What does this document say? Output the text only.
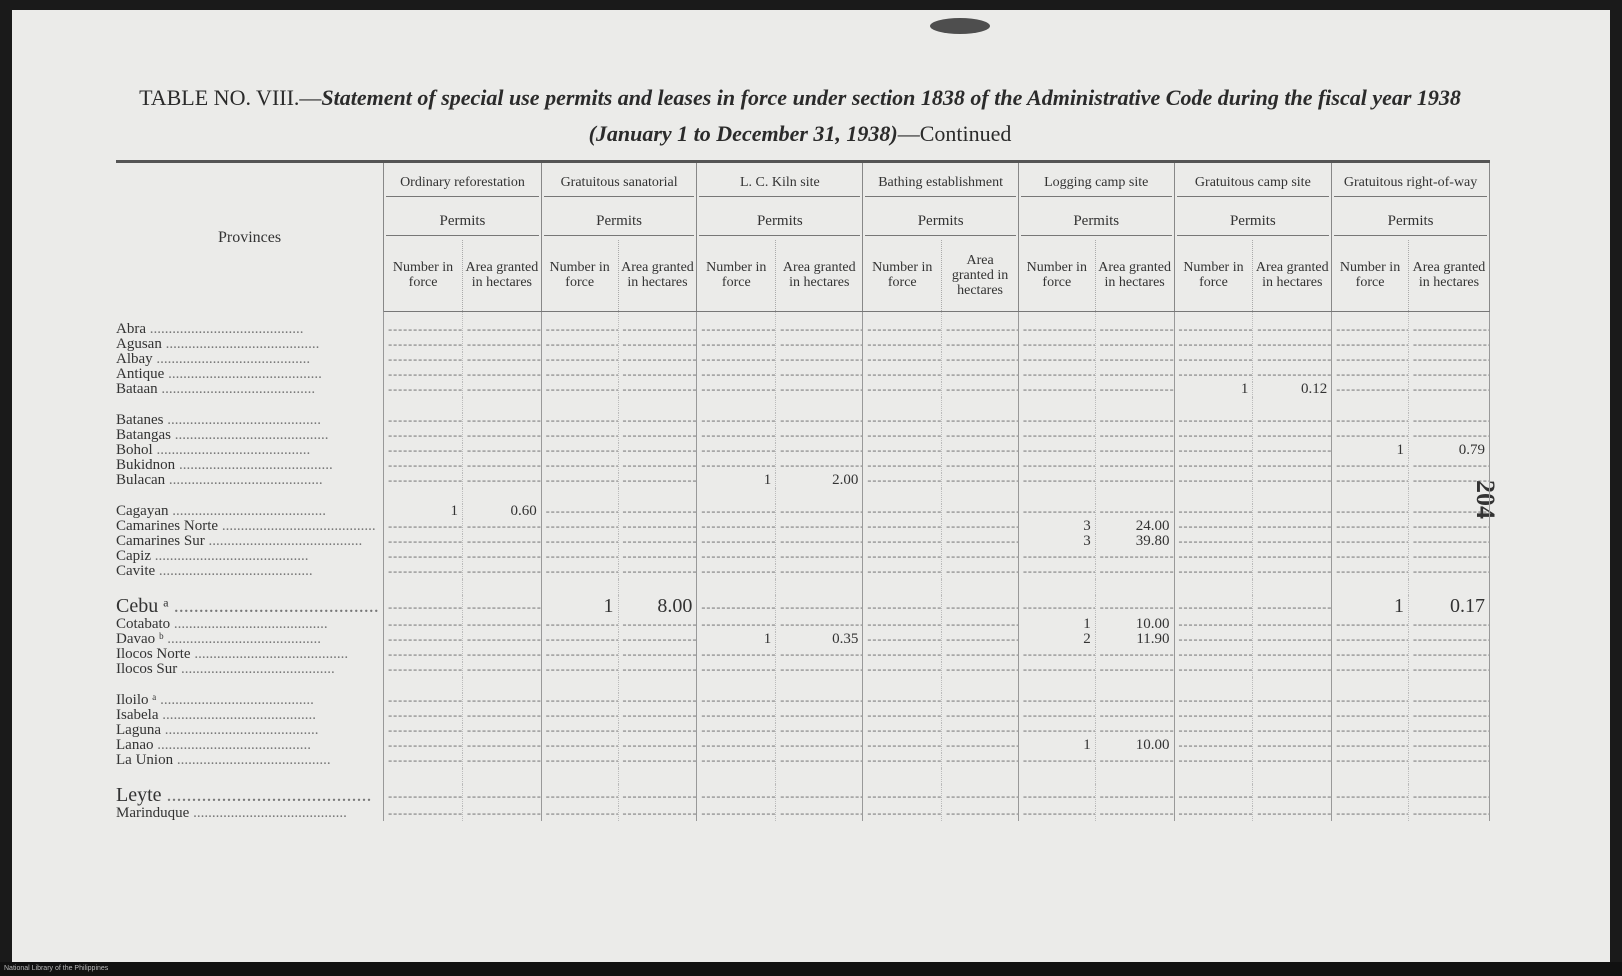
TABLE NO. VIII.—Statement of special use permits and leases in force under section 1838 of the Administrative Code during the fiscal year 1938 (January 1 to December 31, 1938)—Continued
204
Provinces	Ordinary reforestation		Gratuitous sanatorial		L. C. Kiln site		Bathing establishment		Logging camp site		Gratuitous camp site		Gratuitous right-of-way	

	Permits		Permits		Permits		Permits		Permits		Permits		Permits	

	Number in force	Area granted in hectares	Number in force	Area granted in hectares	Number in force	Area granted in hectares	Number in force	Area granted in hectares	Number in force	Area granted in hectares	Number in force	Area granted in hectares	Number in force	Area granted in hectares
Abra .....	-----	-----	-----	-----	-----	-----	-----	-----	-----	-----	-----	-----	-----	-----
Agusan .....	-----	-----	-----	-----	-----	-----	-----	-----	-----	-----	-----	-----	-----	-----
Albay .....	-----	-----	-----	-----	-----	-----	-----	-----	-----	-----	-----	-----	-----	-----
Antique .....	-----	-----	-----	-----	-----	-----	-----	-----	-----	-----	-----	-----	-----	-----
Bataan .....	-----	-----	-----	-----	-----	-----	-----	-----	-----	-----	1	0.12	-----	-----

Batanes .....	-----	-----	-----	-----	-----	-----	-----	-----	-----	-----	-----	-----	-----	-----
Batangas .....	-----	-----	-----	-----	-----	-----	-----	-----	-----	-----	-----	-----	-----	-----
Bohol .....	-----	-----	-----	-----	-----	-----	-----	-----	-----	-----	-----	-----	1	0.79
Bukidnon .....	-----	-----	-----	-----	-----	-----	-----	-----	-----	-----	-----	-----	-----	-----
Bulacan .....	-----	-----	-----	-----	1	2.00	-----	-----	-----	-----	-----	-----	-----	-----

Cagayan .....	1	0.60	-----	-----	-----	-----	-----	-----	-----	-----	-----	-----	-----	-----
Camarines Norte .....	-----	-----	-----	-----	-----	-----	-----	-----	3	24.00	-----	-----	-----	-----
Camarines Sur .....	-----	-----	-----	-----	-----	-----	-----	-----	3	39.80	-----	-----	-----	-----
Capiz .....	-----	-----	-----	-----	-----	-----	-----	-----	-----	-----	-----	-----	-----	-----
Cavite .....	-----	-----	-----	-----	-----	-----	-----	-----	-----	-----	-----	-----	-----	-----

Cebu ᵃ .....	-----	-----	1	8.00	-----	-----	-----	-----	-----	-----	-----	-----	1	0.17
Cotabato .....	-----	-----	-----	-----	-----	-----	-----	-----	1	10.00	-----	-----	-----	-----
Davao ᵇ .....	-----	-----	-----	-----	1	0.35	-----	-----	2	11.90	-----	-----	-----	-----
Ilocos Norte .....	-----	-----	-----	-----	-----	-----	-----	-----	-----	-----	-----	-----	-----	-----
Ilocos Sur .....	-----	-----	-----	-----	-----	-----	-----	-----	-----	-----	-----	-----	-----	-----

Iloilo ᵃ .....	-----	-----	-----	-----	-----	-----	-----	-----	-----	-----	-----	-----	-----	-----
Isabela .....	-----	-----	-----	-----	-----	-----	-----	-----	-----	-----	-----	-----	-----	-----
Laguna .....	-----	-----	-----	-----	-----	-----	-----	-----	-----	-----	-----	-----	-----	-----
Lanao .....	-----	-----	-----	-----	-----	-----	-----	-----	1	10.00	-----	-----	-----	-----
La Union .....	-----	-----	-----	-----	-----	-----	-----	-----	-----	-----	-----	-----	-----	-----

Leyte .....	-----	-----	-----	-----	-----	-----	-----	-----	-----	-----	-----	-----	-----	-----
Marinduque .....	-----	-----	-----	-----	-----	-----	-----	-----	-----	-----	-----	-----	-----	-----
National Library of the Philippines
